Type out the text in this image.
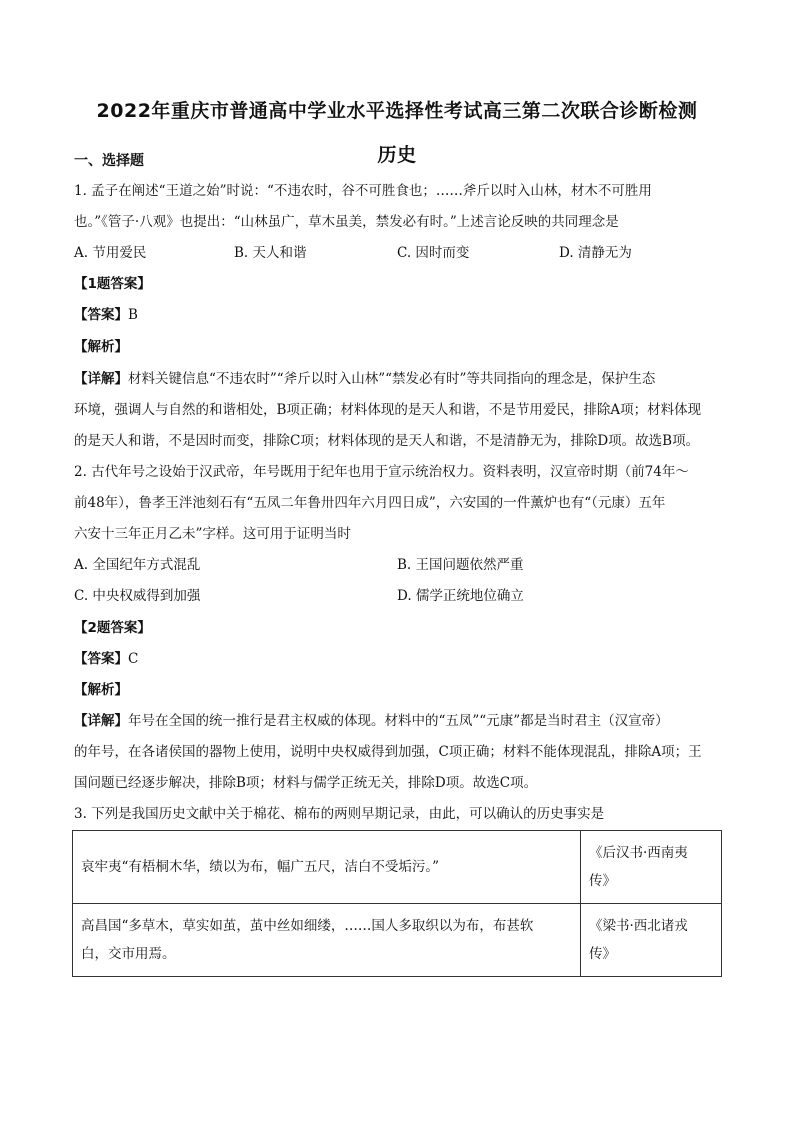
2022年重庆市普通高中学业水平选择性考试高三第二次联合诊断检测
历史
一、选择题
1. 孟子在阐述“王道之始”时说：“不违农时，谷不可胜食也；……斧斤以时入山林，材木不可胜用
也。”《管子·八观》也提出：“山林虽广，草木虽美，禁发必有时。”上述言论反映的共同理念是
A. 节用爱民	B. 天人和谐	C. 因时而变	D. 清静无为
【1题答案】
【答案】B
【解析】
【详解】材料关键信息“不违农时”“斧斤以时入山林”“禁发必有时”等共同指向的理念是，保护生态
环境，强调人与自然的和谐相处，B项正确；材料体现的是天人和谐，不是节用爱民，排除A项；材料体现
的是天人和谐，不是因时而变，排除C项；材料体现的是天人和谐，不是清静无为，排除D项。故选B项。
2. 古代年号之设始于汉武帝，年号既用于纪年也用于宣示统治权力。资料表明，汉宣帝时期（前74年～
前48年），鲁孝王泮池刻石有“五凤二年鲁卅四年六月四日成”，六安国的一件薰炉也有“（元康）五年
六安十三年正月乙未”字样。这可用于证明当时
A. 全国纪年方式混乱	B. 王国问题依然严重
C. 中央权威得到加强	D. 儒学正统地位确立
【2题答案】
【答案】C
【解析】
【详解】年号在全国的统一推行是君主权威的体现。材料中的“五凤”“元康”都是当时君主（汉宣帝）
的年号，在各诸侯国的器物上使用，说明中央权威得到加强，C项正确；材料不能体现混乱，排除A项；王
国问题已经逐步解决，排除B项；材料与儒学正统无关，排除D项。故选C项。
3. 下列是我国历史文献中关于棉花、棉布的两则早期记录，由此，可以确认的历史事实是
哀牢夷“有梧桐木华，绩以为布，幅广五尺，洁白不受垢污。”	《后汉书·西南夷
传》
高昌国“多草木，草实如茧，茧中丝如细缕，……国人多取织以为布，布甚软
白，交市用焉。	《梁书·西北诸戎
传》
